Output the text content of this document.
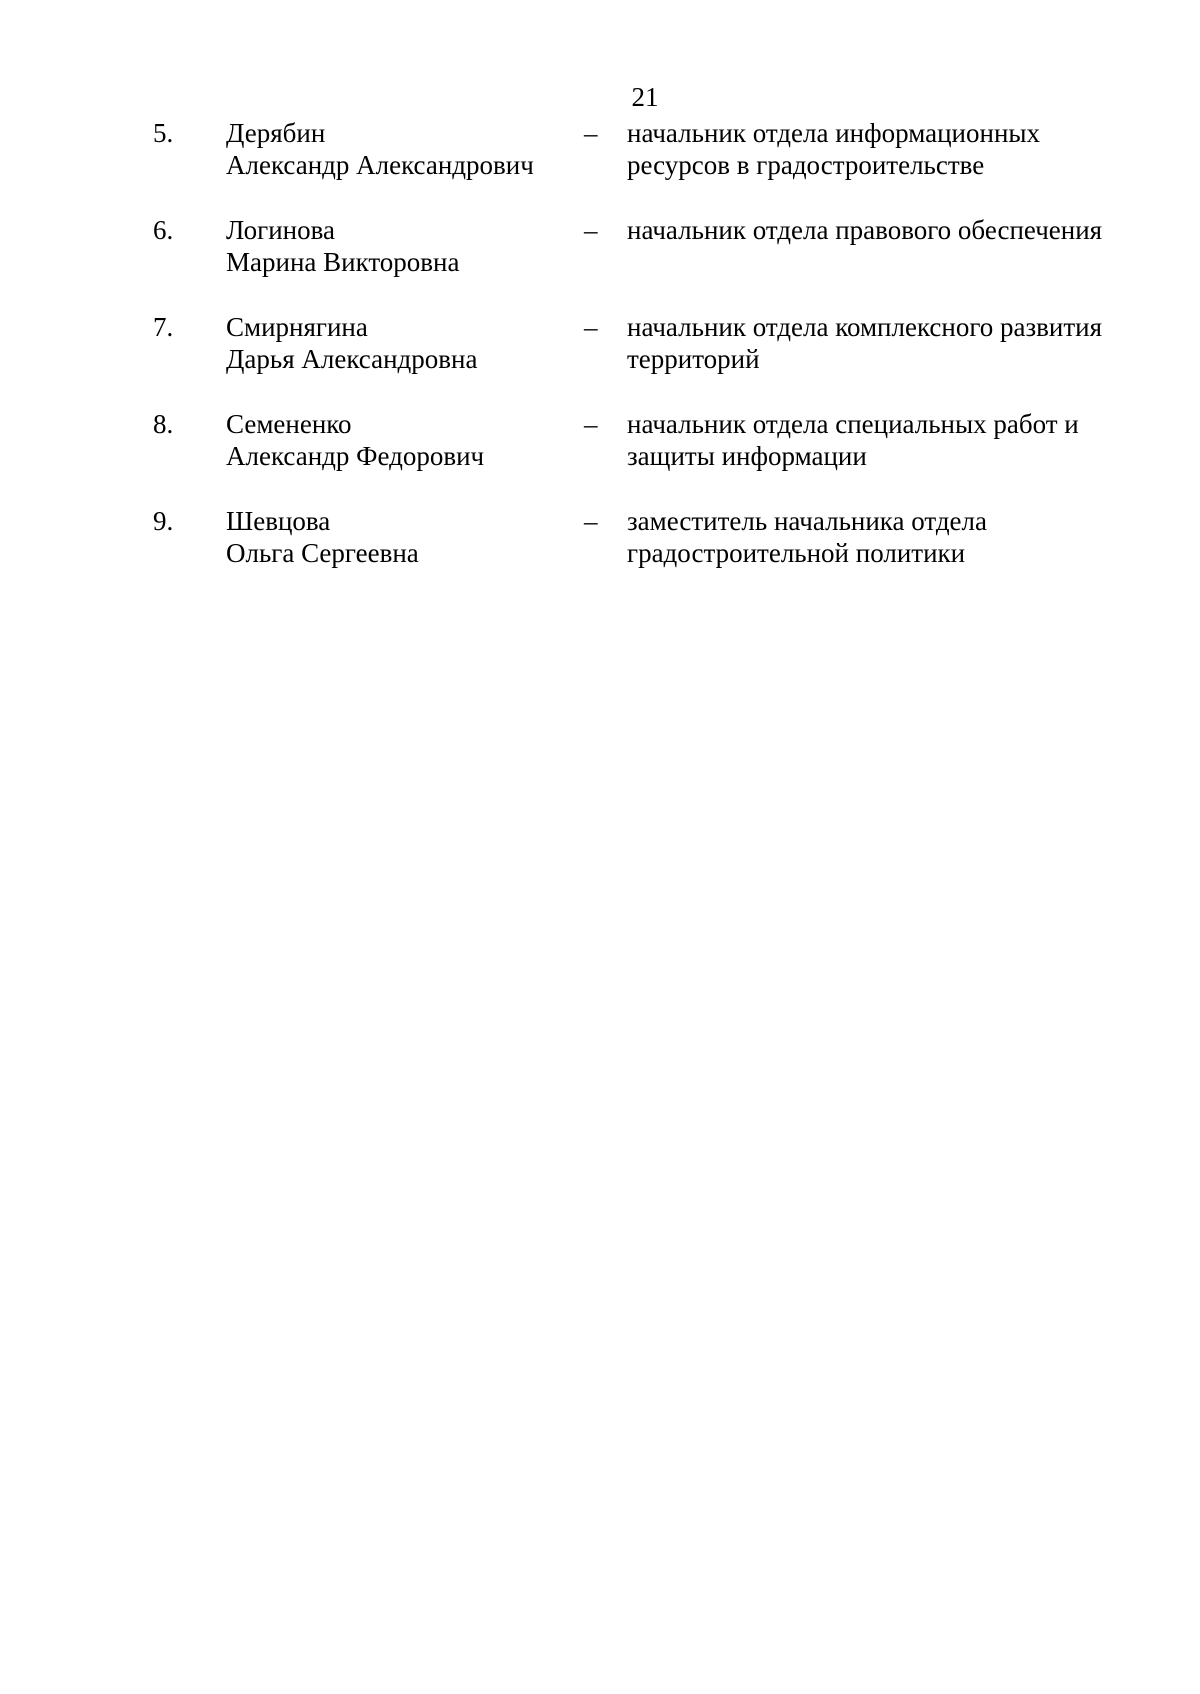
21
5. Дерябин
Александр Александрович
– начальник отдела информационных
ресурсов в градостроительстве
6. Логинова
Марина Викторовна
– начальник отдела правового обеспечения
7. Смирнягина
Дарья Александровна
– начальник отдела комплексного развития
территорий
8. Семененко
Александр Федорович
– начальник отдела специальных работ и
защиты информации
9. Шевцова
Ольга Сергеевна
– заместитель начальника отдела
градостроительной политики
